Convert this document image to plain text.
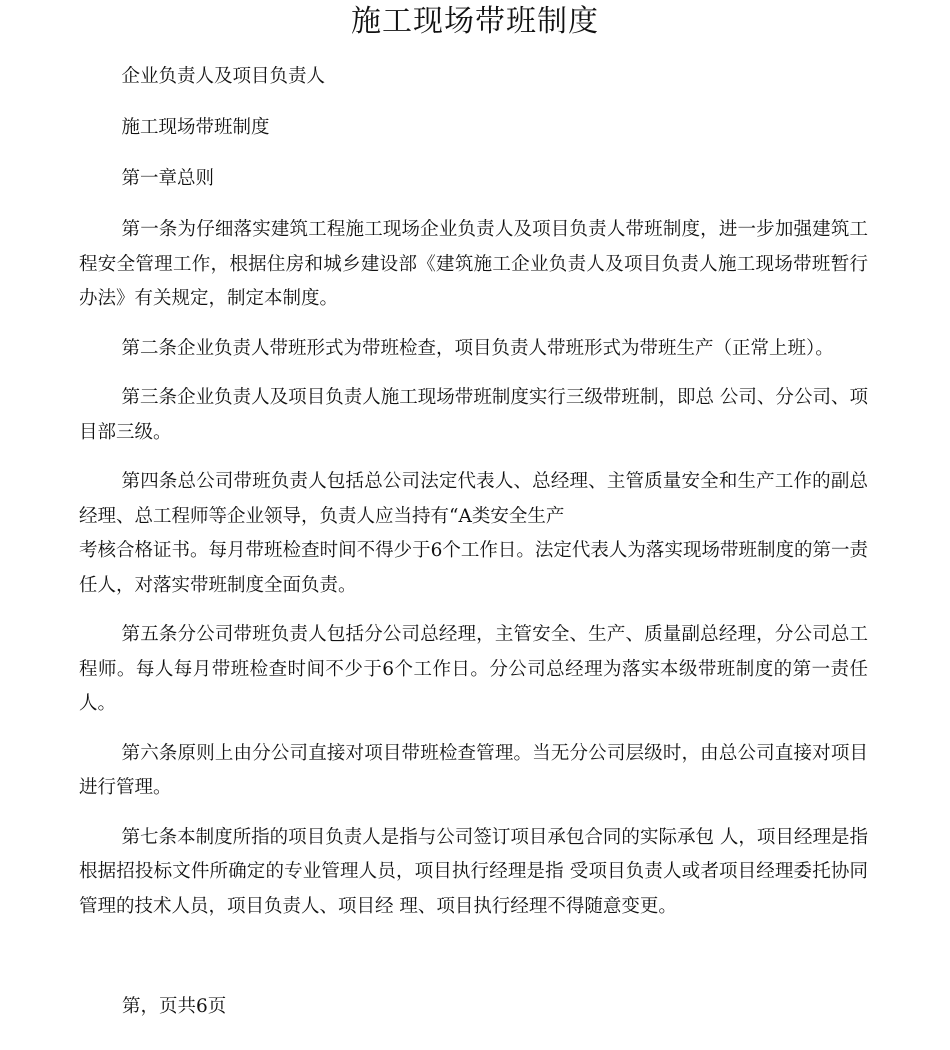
施工现场带班制度

企业负责人及项目负责人

施工现场带班制度

第一章总则

第一条为仔细落实建筑工程施工现场企业负责人及项目负责人带班制度，进一步加强建筑工程安全管理工作，根据住房和城乡建设部《建筑施工企业负责人及项目负责人施工现场带班暂行办法》有关规定，制定本制度。

第二条企业负责人带班形式为带班检查，项目负责人带班形式为带班生产（正常上班）。

第三条企业负责人及项目负责人施工现场带班制度实行三级带班制，即总 公司、分公司、项目部三级。

第四条总公司带班负责人包括总公司法定代表人、总经理、主管质量安全和生产工作的副总经理、总工程师等企业领导，负责人应当持有“A类安全生产

考核合格证书。每月带班检查时间不得少于6个工作日。法定代表人为落实现场带班制度的第一责任人，对落实带班制度全面负责。

第五条分公司带班负责人包括分公司总经理，主管安全、生产、质量副总经理，分公司总工程师。每人每月带班检查时间不少于6个工作日。分公司总经理为落实本级带班制度的第一责任人。

第六条原则上由分公司直接对项目带班检查管理。当无分公司层级时，由总公司直接对项目进行管理。

第七条本制度所指的项目负责人是指与公司签订项目承包合同的实际承包 人，项目经理是指根据招投标文件所确定的专业管理人员，项目执行经理是指 受项目负责人或者项目经理委托协同管理的技术人员，项目负责人、项目经 理、项目执行经理不得随意变更。

第，页共6页
